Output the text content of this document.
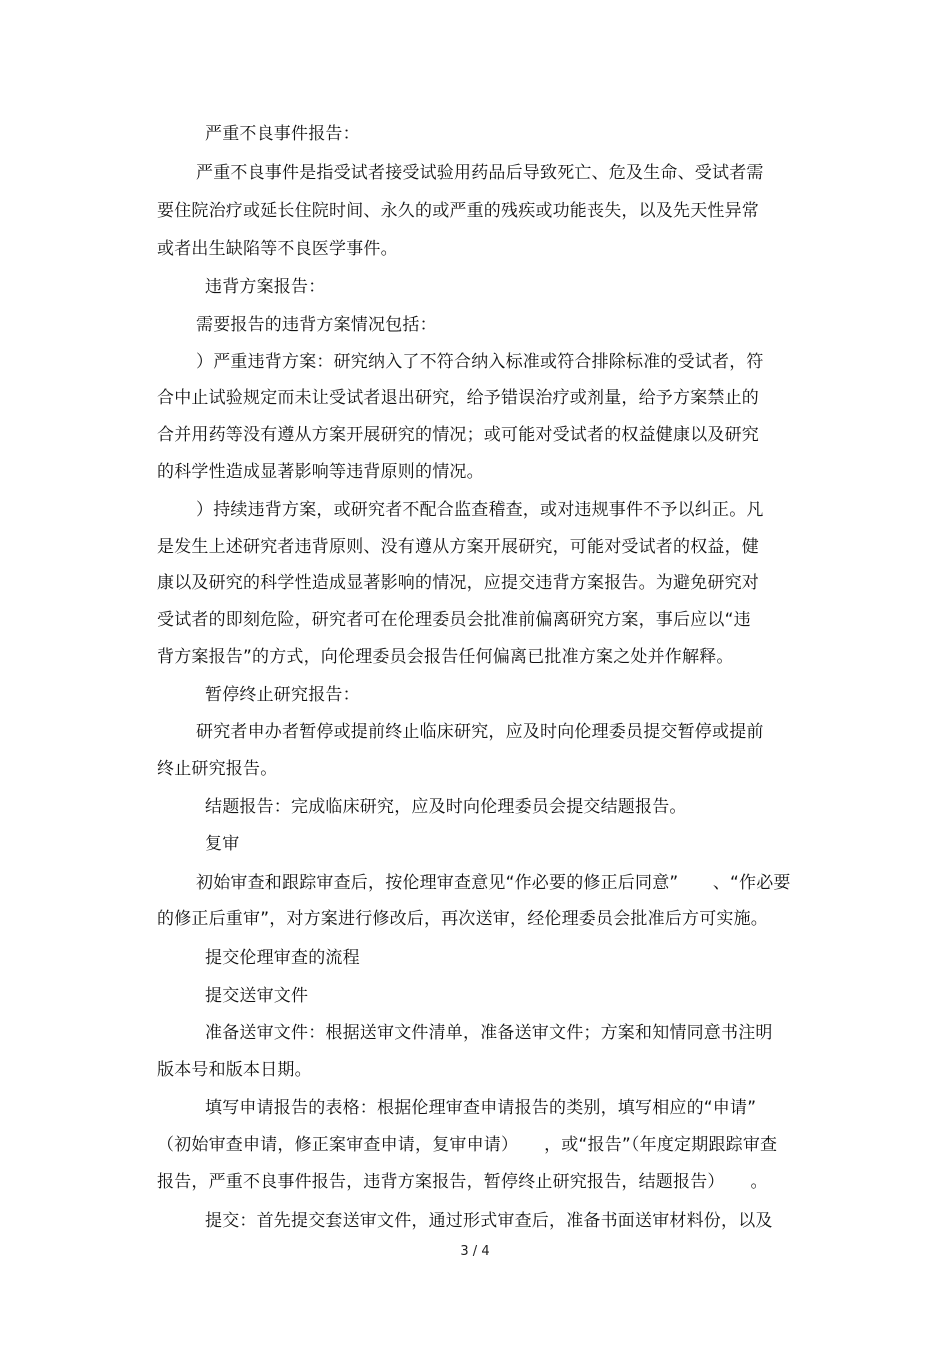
严重不良事件报告：
严重不良事件是指受试者接受试验用药品后导致死亡、危及生命、受试者需
要住院治疗或延长住院时间、永久的或严重的残疾或功能丧失，以及先天性异常
或者出生缺陷等不良医学事件。
违背方案报告：
需要报告的违背方案情况包括：
）严重违背方案：研究纳入了不符合纳入标准或符合排除标准的受试者，符
合中止试验规定而未让受试者退出研究，给予错误治疗或剂量，给予方案禁止的
合并用药等没有遵从方案开展研究的情况；或可能对受试者的权益健康以及研究
的科学性造成显著影响等违背原则的情况。
）持续违背方案，或研究者不配合监查稽查，或对违规事件不予以纠正。凡
是发生上述研究者违背原则、没有遵从方案开展研究，可能对受试者的权益，健
康以及研究的科学性造成显著影响的情况，应提交违背方案报告。为避免研究对
受试者的即刻危险，研究者可在伦理委员会批准前偏离研究方案，事后应以“违
背方案报告”的方式，向伦理委员会报告任何偏离已批准方案之处并作解释。
暂停终止研究报告：
研究者申办者暂停或提前终止临床研究，应及时向伦理委员提交暂停或提前
终止研究报告。
结题报告：完成临床研究，应及时向伦理委员会提交结题报告。
复审
初始审查和跟踪审查后，按伦理审查意见“作必要的修正后同意”　　、“作必要
的修正后重审”，对方案进行修改后，再次送审，经伦理委员会批准后方可实施。
提交伦理审查的流程
提交送审文件
准备送审文件：根据送审文件清单，准备送审文件；方案和知情同意书注明
版本号和版本日期。
填写申请报告的表格：根据伦理审查申请报告的类别，填写相应的“申请”
（初始审查申请，修正案审查申请，复审申请）　　，或“报告”（年度定期跟踪审查
报告，严重不良事件报告，违背方案报告，暂停终止研究报告，结题报告）　　。
提交：首先提交套送审文件，通过形式审查后，准备书面送审材料份，以及
3 / 4
